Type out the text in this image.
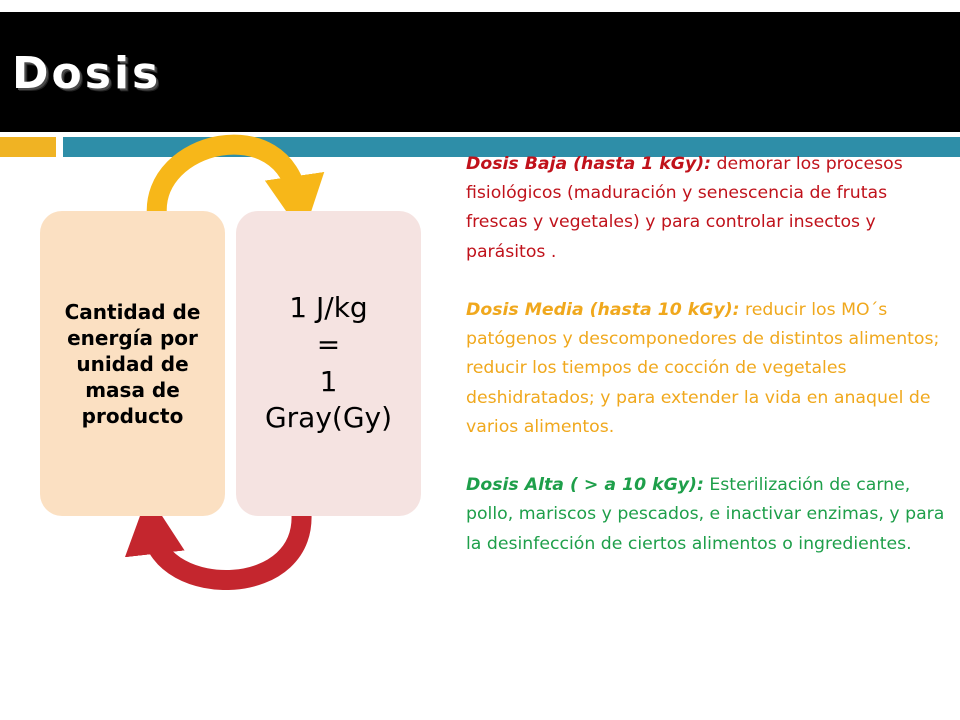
Dosis
Cantidad de energía por unidad de masa de producto
1 J/kg
=
1
Gray(Gy)

Dosis Baja (hasta 1 kGy): demorar los procesos fisiológicos (maduración y senescencia de frutas frescas y vegetales) y para controlar insectos y parásitos .

Dosis Media (hasta 10 kGy): reducir los MO´s patógenos y descomponedores de distintos alimentos; reducir los tiempos de cocción de vegetales deshidratados; y para extender la vida en anaquel de varios alimentos.

Dosis Alta ( > a 10 kGy): Esterilización de carne, pollo, mariscos y pescados, e inactivar enzimas, y para la desinfección de ciertos alimentos o ingredientes.
